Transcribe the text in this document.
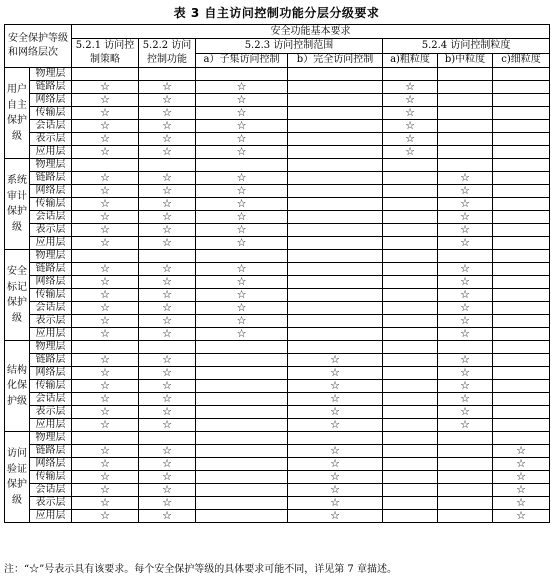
表 3 自主访问控制功能分层分级要求
安全保护等级和网络层次		安全功能基本要求						
		5.2.1 访问控制策略	5.2.2 访问控制功能	5.2.3 访问控制范围		5.2.4 访问控制粒度		
				a）子集访问控制	b）完全访问控制	a)粗粒度	b)中粒度	c)细粒度
用户自主保护级	物理层							
	链路层	☆	☆	☆		☆		
	网络层	☆	☆	☆		☆		
	传输层	☆	☆	☆		☆		
	会话层	☆	☆	☆		☆		
	表示层	☆	☆	☆		☆		
	应用层	☆	☆	☆		☆		
系统审计保护级	物理层							
	链路层	☆	☆	☆			☆	
	网络层	☆	☆	☆			☆	
	传输层	☆	☆	☆			☆	
	会话层	☆	☆	☆			☆	
	表示层	☆	☆	☆			☆	
	应用层	☆	☆	☆			☆	
安全标记保护级	物理层							
	链路层	☆	☆	☆			☆	
	网络层	☆	☆	☆			☆	
	传输层	☆	☆	☆			☆	
	会话层	☆	☆	☆			☆	
	表示层	☆	☆	☆			☆	
	应用层	☆	☆	☆			☆	
结构化保护级	物理层							
	链路层	☆	☆		☆		☆	
	网络层	☆	☆		☆		☆	
	传输层	☆	☆		☆		☆	
	会话层	☆	☆		☆		☆	
	表示层	☆	☆		☆		☆	
	应用层	☆	☆		☆		☆	
访问验证保护级	物理层							
	链路层	☆	☆		☆			☆
	网络层	☆	☆		☆			☆
	传输层	☆	☆		☆			☆
	会话层	☆	☆		☆			☆
	表示层	☆	☆		☆			☆
	应用层	☆	☆		☆			☆
注：“☆”号表示具有该要求。每个安全保护等级的具体要求可能不同，详见第 7 章描述。
